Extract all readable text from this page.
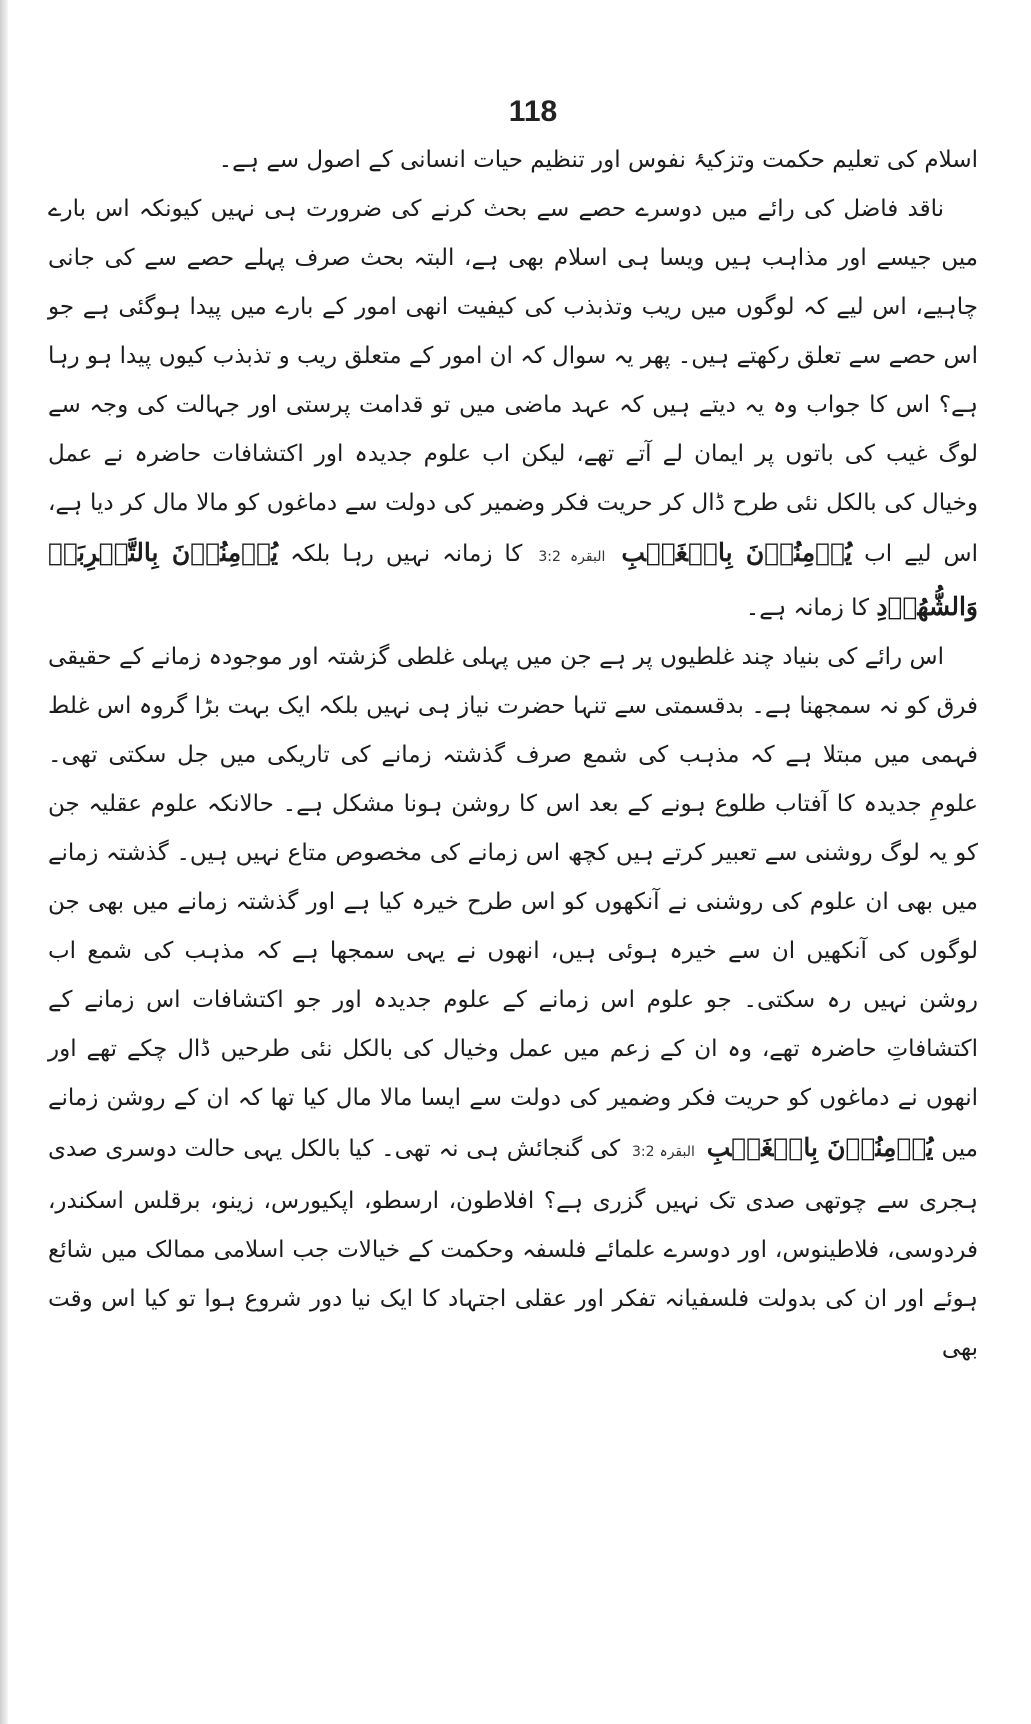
118

اسلام کی تعلیم حکمت وتزکیۂ نفوس اور تنظیم حیات انسانی کے اصول سے ہے۔

ناقد فاضل کی رائے میں دوسرے حصے سے بحث کرنے کی ضرورت ہی نہیں کیونکہ اس بارے میں جیسے اور مذاہب ہیں ویسا ہی اسلام بھی ہے، البتہ بحث صرف پہلے حصے سے کی جانی چاہیے، اس لیے کہ لوگوں میں ریب وتذبذب کی کیفیت انھی امور کے بارے میں پیدا ہوگئی ہے جو اس حصے سے تعلق رکھتے ہیں۔ پھر یہ سوال کہ ان امور کے متعلق ریب و تذبذب کیوں پیدا ہو رہا ہے؟ اس کا جواب وہ یہ دیتے ہیں کہ عہد ماضی میں تو قدامت پرستی اور جہالت کی وجہ سے لوگ غیب کی باتوں پر ایمان لے آتے تھے، لیکن اب علوم جدیدہ اور اکتشافات حاضرہ نے عمل وخیال کی بالکل نئی طرح ڈال کر حریت فکر وضمیر کی دولت سے دماغوں کو مالا مال کر دیا ہے، اس لیے اب یُؤۡمِنُوۡنَ بِالۡغَیۡبِ البقرہ 3:2 کا زمانہ نہیں رہا بلکہ یُؤۡمِنُوۡنَ بِالتَّجۡرِبَۃِ وَالشُّھُوۡدِ کا زمانہ ہے۔

اس رائے کی بنیاد چند غلطیوں پر ہے جن میں پہلی غلطی گزشتہ اور موجودہ زمانے کے حقیقی فرق کو نہ سمجھنا ہے۔ بدقسمتی سے تنہا حضرت نیاز ہی نہیں بلکہ ایک بہت بڑا گروہ اس غلط فہمی میں مبتلا ہے کہ مذہب کی شمع صرف گذشتہ زمانے کی تاریکی میں جل سکتی تھی۔ علومِ جدیدہ کا آفتاب طلوع ہونے کے بعد اس کا روشن ہونا مشکل ہے۔ حالانکہ علوم عقلیہ جن کو یہ لوگ روشنی سے تعبیر کرتے ہیں کچھ اس زمانے کی مخصوص متاع نہیں ہیں۔ گذشتہ زمانے میں بھی ان علوم کی روشنی نے آنکھوں کو اس طرح خیرہ کیا ہے اور گذشتہ زمانے میں بھی جن لوگوں کی آنکھیں ان سے خیرہ ہوئی ہیں، انھوں نے یہی سمجھا ہے کہ مذہب کی شمع اب روشن نہیں رہ سکتی۔ جو علوم اس زمانے کے علوم جدیدہ اور جو اکتشافات اس زمانے کے اکتشافاتِ حاضرہ تھے، وہ ان کے زعم میں عمل وخیال کی بالکل نئی طرحیں ڈال چکے تھے اور انھوں نے دماغوں کو حریت فکر وضمیر کی دولت سے ایسا مالا مال کیا تھا کہ ان کے روشن زمانے میں یُؤۡمِنُوۡنَ بِالۡغَیۡبِ البقرہ 3:2 کی گنجائش ہی نہ تھی۔ کیا بالکل یہی حالت دوسری صدی ہجری سے چوتھی صدی تک نہیں گزری ہے؟ افلاطون، ارسطو، اپکیورس، زینو، برقلس اسکندر، فردوسی، فلاطینوس، اور دوسرے علمائے فلسفہ وحکمت کے خیالات جب اسلامی ممالک میں شائع ہوئے اور ان کی بدولت فلسفیانہ تفکر اور عقلی اجتہاد کا ایک نیا دور شروع ہوا تو کیا اس وقت بھی
